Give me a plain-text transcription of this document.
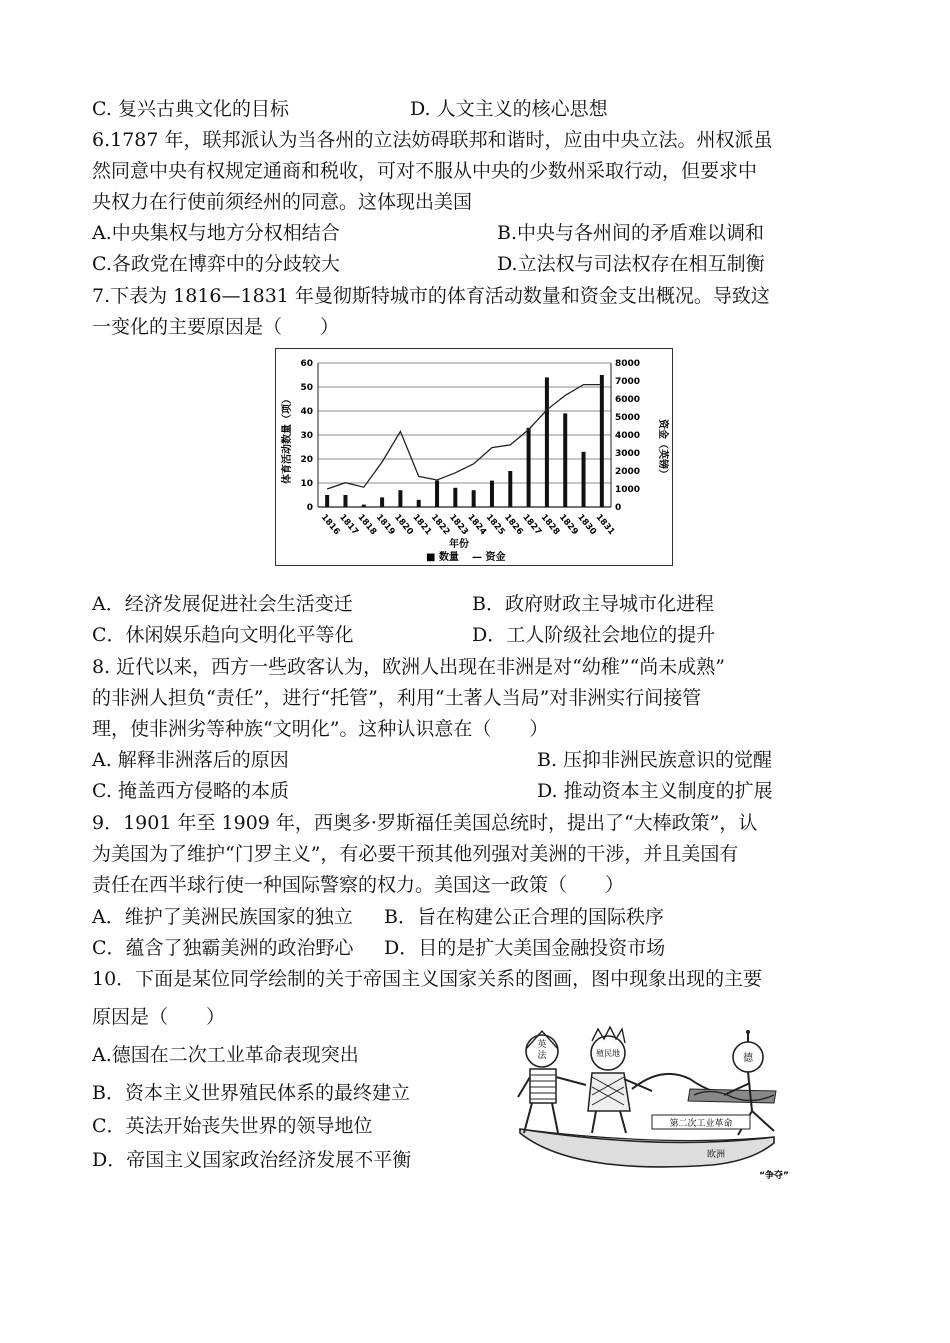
C. 复兴古典文化的目标	D. 人文主义的核心思想
6.1787 年，联邦派认为当各州的立法妨碍联邦和谐时，应由中央立法。州权派虽
然同意中央有权规定通商和税收，可对不服从中央的少数州采取行动，但要求中
央权力在行使前须经州的同意。这体现出美国
A.中央集权与地方分权相结合	B.中央与各州间的矛盾难以调和
C.各政党在博弈中的分歧较大	D.立法权与司法权存在相互制衡
7.下表为 1816—1831 年曼彻斯特城市的体育活动数量和资金支出概况。导致这
一变化的主要原因是（　　）
0
10
20
30
40
50
60
0
1000
2000
3000
4000
5000
6000
7000
8000
1816
1817
1818
1819
1820
1821
1822
1823
1824
1825
1826
1827
1828
1829
1830
1831
体育活动数量（项）	资金（英镑）
年份
■ 数量 — 资金
A．经济发展促进社会生活变迁	B．政府财政主导城市化进程
C．休闲娱乐趋向文明化平等化	D．工人阶级社会地位的提升
8. 近代以来，西方一些政客认为，欧洲人出现在非洲是对“幼稚”“尚未成熟”
的非洲人担负“责任”，进行“托管”，利用“土著人当局”对非洲实行间接管
理，使非洲劣等种族“文明化”。这种认识意在（　　）
A. 解释非洲落后的原因	B. 压抑非洲民族意识的觉醒
C. 掩盖西方侵略的本质	D. 推动资本主义制度的扩展
9．1901 年至 1909 年，西奥多·罗斯福任美国总统时，提出了“大棒政策”，认
为美国为了维护“门罗主义”，有必要干预其他列强对美洲的干涉，并且美国有
责任在西半球行使一种国际警察的权力。美国这一政策（　　）
A．维护了美洲民族国家的独立 B．旨在构建公正合理的国际秩序
C．蕴含了独霸美洲的政治野心 D．目的是扩大美国金融投资市场
10．下面是某位同学绘制的关于帝国主义国家关系的图画，图中现象出现的主要
原因是（　　）
A.德国在二次工业革命表现突出
B．资本主义世界殖民体系的最终建立
C．英法开始丧失世界的领导地位
D．帝国主义国家政治经济发展不平衡
英
法	殖民地	德
第二次工业革命
欧洲
“争夺”
